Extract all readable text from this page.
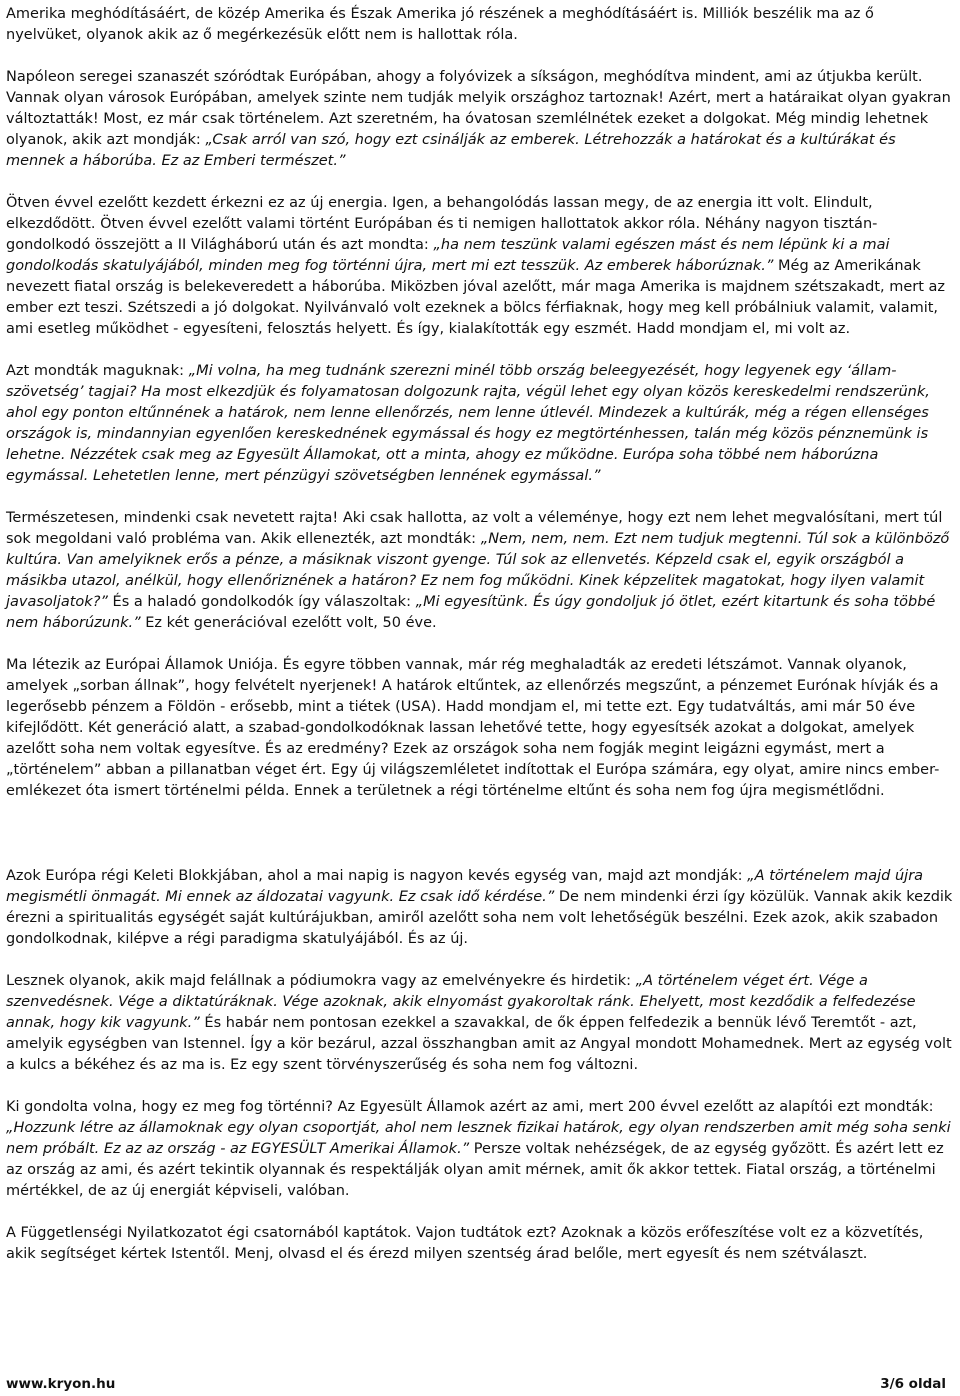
Amerika meghódításáért, de közép Amerika és Észak Amerika jó részének a meghódításáért is. Milliók beszélik ma az ő nyelvüket, olyanok akik az ő megérkezésük előtt nem is hallottak róla.

Napóleon seregei szanaszét szóródtak Európában, ahogy a folyóvizek a síkságon, meghódítva mindent, ami az útjukba került. Vannak olyan városok Európában, amelyek szinte nem tudják melyik országhoz tartoznak! Azért, mert a határaikat olyan gyakran változtatták! Most, ez már csak történelem. Azt szeretném, ha óvatosan szemlélnétek ezeket a dolgokat. Még mindig lehetnek olyanok, akik azt mondják: „Csak arról van szó, hogy ezt csinálják az emberek. Létrehozzák a határokat és a kultúrákat és mennek a háborúba. Ez az Emberi természet.”

Ötven évvel ezelőtt kezdett érkezni ez az új energia. Igen, a behangolódás lassan megy, de az energia itt volt. Elindult, elkezdődött. Ötven évvel ezelőtt valami történt Európában és ti nemigen hallottatok akkor róla. Néhány nagyon tisztán-gondolkodó összejött a II Világháború után és azt mondta: „ha nem teszünk valami egészen mást és nem lépünk ki a mai gondolkodás skatulyájából, minden meg fog történni újra, mert mi ezt tesszük. Az emberek háborúznak.” Még az Amerikának nevezett fiatal ország is belekeveredett a háborúba. Miközben jóval azelőtt, már maga Amerika is majdnem szétszakadt, mert az ember ezt teszi. Szétszedi a jó dolgokat. Nyilvánvaló volt ezeknek a bölcs férfiaknak, hogy meg kell próbálniuk valamit, valamit, ami esetleg működhet - egyesíteni, felosztás helyett. És így, kialakították egy eszmét. Hadd mondjam el, mi volt az.

Azt mondták maguknak: „Mi volna, ha meg tudnánk szerezni minél több ország beleegyezését, hogy legyenek egy ‘állam-szövetség’ tagjai? Ha most elkezdjük és folyamatosan dolgozunk rajta, végül lehet egy olyan közös kereskedelmi rendszerünk, ahol egy ponton eltűnnének a határok, nem lenne ellenőrzés, nem lenne útlevél. Mindezek a kultúrák, még a régen ellenséges országok is, mindannyian egyenlően kereskednének egymással és hogy ez megtörténhessen, talán még közös pénznemünk is lehetne. Nézzétek csak meg az Egyesült Államokat, ott a minta, ahogy ez működne. Európa soha többé nem háborúzna egymással. Lehetetlen lenne, mert pénzügyi szövetségben lennének egymással.”

Természetesen, mindenki csak nevetett rajta! Aki csak hallotta, az volt a véleménye, hogy ezt nem lehet megvalósítani, mert túl sok megoldani való probléma van. Akik ellenezték, azt mondták: „Nem, nem, nem. Ezt nem tudjuk megtenni. Túl sok a különböző kultúra. Van amelyiknek erős a pénze, a másiknak viszont gyenge. Túl sok az ellenvetés. Képzeld csak el, egyik országból a másikba utazol, anélkül, hogy ellenőriznének a határon? Ez nem fog működni. Kinek képzelitek magatokat, hogy ilyen valamit javasoljatok?” És a haladó gondolkodók így válaszoltak: „Mi egyesítünk. És úgy gondoljuk jó ötlet, ezért kitartunk és soha többé nem háborúzunk.” Ez két generációval ezelőtt volt, 50 éve.

Ma létezik az Európai Államok Uniója. És egyre többen vannak, már rég meghaladták az eredeti létszámot. Vannak olyanok, amelyek „sorban állnak”, hogy felvételt nyerjenek! A határok eltűntek, az ellenőrzés megszűnt, a pénzemet Eurónak hívják és a legerősebb pénzem a Földön - erősebb, mint a tiétek (USA). Hadd mondjam el, mi tette ezt. Egy tudatváltás, ami már 50 éve kifejlődött. Két generáció alatt, a szabad-gondolkodóknak lassan lehetővé tette, hogy egyesítsék azokat a dolgokat, amelyek azelőtt soha nem voltak egyesítve. És az eredmény? Ezek az országok soha nem fogják megint leigázni egymást, mert a „történelem” abban a pillanatban véget ért. Egy új világszemléletet indítottak el Európa számára, egy olyat, amire nincs ember-emlékezet óta ismert történelmi példa. Ennek a területnek a régi történelme eltűnt és soha nem fog újra megismétlődni.

Azok Európa régi Keleti Blokkjában, ahol a mai napig is nagyon kevés egység van, majd azt mondják: „A történelem majd újra megismétli önmagát. Mi ennek az áldozatai vagyunk. Ez csak idő kérdése.” De nem mindenki érzi így közülük. Vannak akik kezdik érezni a spiritualitás egységét saját kultúrájukban, amiről azelőtt soha nem volt lehetőségük beszélni. Ezek azok, akik szabadon gondolkodnak, kilépve a régi paradigma skatulyájából. És az új.

Lesznek olyanok, akik majd felállnak a pódiumokra vagy az emelvényekre és hirdetik: „A történelem véget ért. Vége a szenvedésnek. Vége a diktatúráknak. Vége azoknak, akik elnyomást gyakoroltak ránk. Ehelyett, most kezdődik a felfedezése annak, hogy kik vagyunk.” És habár nem pontosan ezekkel a szavakkal, de ők éppen felfedezik a bennük lévő Teremtőt - azt, amelyik egységben van Istennel. Így a kör bezárul, azzal összhangban amit az Angyal mondott Mohamednek. Mert az egység volt a kulcs a békéhez és az ma is. Ez egy szent törvényszerűség és soha nem fog változni.

Ki gondolta volna, hogy ez meg fog történni? Az Egyesült Államok azért az ami, mert 200 évvel ezelőtt az alapítói ezt mondták: „Hozzunk létre az államoknak egy olyan csoportját, ahol nem lesznek fizikai határok, egy olyan rendszerben amit még soha senki nem próbált. Ez az az ország - az EGYESÜLT Amerikai Államok.” Persze voltak nehézségek, de az egység győzött. És azért lett ez az ország az ami, és azért tekintik olyannak és respektálják olyan amit mérnek, amit ők akkor tettek. Fiatal ország, a történelmi mértékkel, de az új energiát képviseli, valóban.

A Függetlenségi Nyilatkozatot égi csatornából kaptátok. Vajon tudtátok ezt? Azoknak a közös erőfeszítése volt ez a közvetítés, akik segítséget kértek Istentől. Menj, olvasd el és érezd milyen szentség árad belőle, mert egyesít és nem szétválaszt.

www.kryon.hu	3/6 oldal
